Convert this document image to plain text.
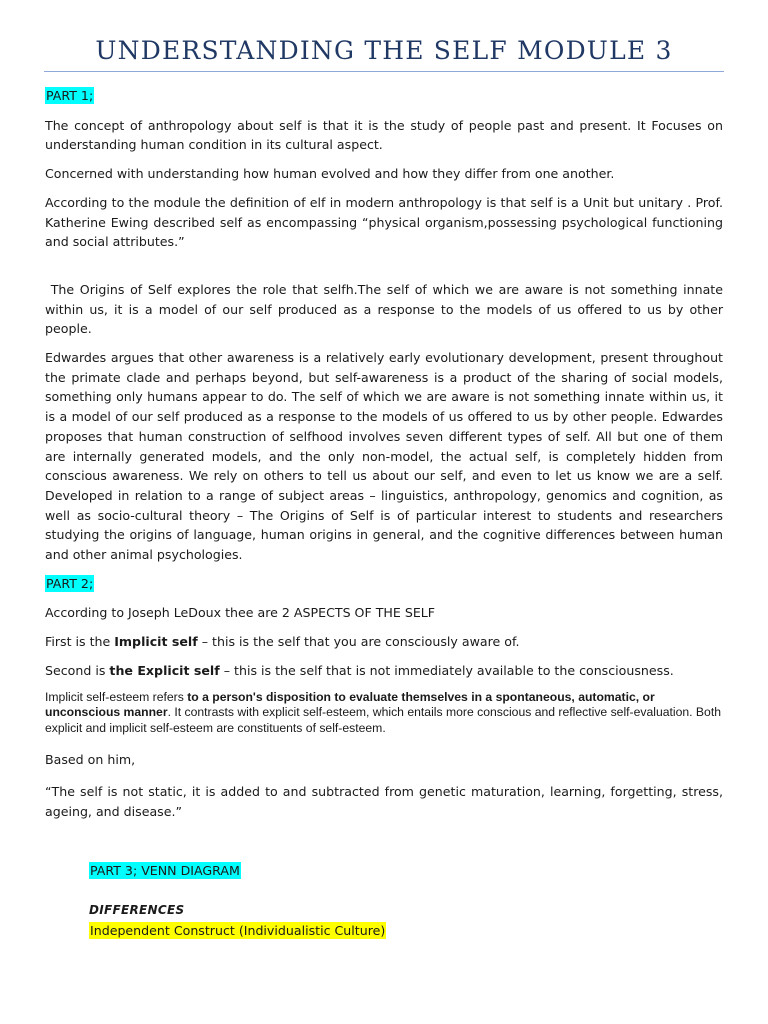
UNDERSTANDING THE SELF MODULE 3

PART 1;

The concept of anthropology about self is that it is the study of people past and present. It Focuses on understanding human condition in its cultural aspect.

Concerned with understanding how human evolved and how they differ from one another.

According to the module the definition of elf in modern anthropology is that self is a Unit but unitary . Prof. Katherine Ewing described self as encompassing “physical organism,possessing psychological functioning and social attributes.”

The Origins of Self explores the role that selfh.The self of which we are aware is not something innate within us, it is a model of our self produced as a response to the models of us offered to us by other people.

Edwardes argues that other awareness is a relatively early evolutionary development, present throughout the primate clade and perhaps beyond, but self-awareness is a product of the sharing of social models, something only humans appear to do. The self of which we are aware is not something innate within us, it is a model of our self produced as a response to the models of us offered to us by other people. Edwardes proposes that human construction of selfhood involves seven different types of self. All but one of them are internally generated models, and the only non-model, the actual self, is completely hidden from conscious awareness. We rely on others to tell us about our self, and even to let us know we are a self. Developed in relation to a range of subject areas – linguistics, anthropology, genomics and cognition, as well as socio-cultural theory – The Origins of Self is of particular interest to students and researchers studying the origins of language, human origins in general, and the cognitive differences between human and other animal psychologies.

PART 2;

According to Joseph LeDoux thee are 2 ASPECTS OF THE SELF

First is the Implicit self – this is the self that you are consciously aware of.

Second is the Explicit self – this is the self that is not immediately available to the consciousness.

Implicit self-esteem refers to a person's disposition to evaluate themselves in a spontaneous, automatic, or unconscious manner. It contrasts with explicit self-esteem, which entails more conscious and reflective self-evaluation. Both explicit and implicit self-esteem are constituents of self-esteem.

Based on him,

“The self is not static, it is added to and subtracted from genetic maturation, learning, forgetting, stress, ageing, and disease.”

PART 3; VENN DIAGRAM

DIFFERENCES

Independent Construct (Individualistic Culture)
